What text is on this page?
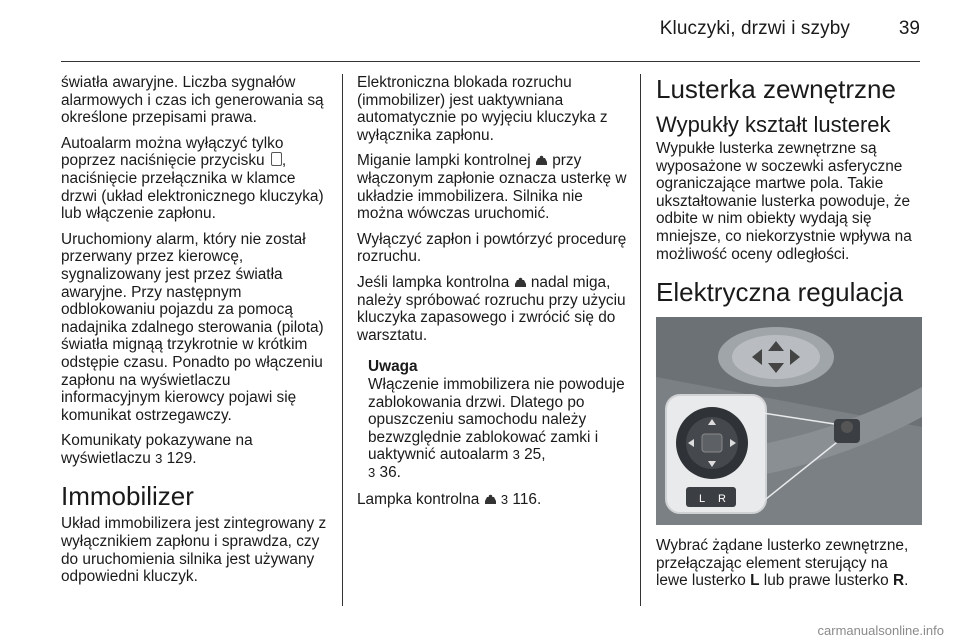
Kluczyki, drzwi i szyby	39

światła awaryjne. Liczba sygnałów alarmowych i czas ich generowania są określone przepisami prawa.

Autoalarm można wyłączyć tylko poprzez naciśnięcie przycisku , naciśnięcie przełącznika w klamce drzwi (układ elektronicznego kluczyka) lub włączenie zapłonu.

Uruchomiony alarm, który nie został przerwany przez kierowcę, sygnalizowany jest przez światła awaryjne. Przy następnym odblokowaniu pojazdu za pomocą nadajnika zdalnego sterowania (pilota) światła mignąą trzykrotnie w krótkim odstępie czasu. Ponadto po włączeniu zapłonu na wyświetlaczu informacyjnym kierowcy pojawi się komunikat ostrzegawczy.

Komunikaty pokazywane na wyświetlaczu 3 129.

Immobilizer

Układ immobilizera jest zintegrowany z wyłącznikiem zapłonu i sprawdza, czy do uruchomienia silnika jest używany odpowiedni kluczyk.

Elektroniczna blokada rozruchu (immobilizer) jest uaktywniana automatycznie po wyjęciu kluczyka z wyłącznika zapłonu.

Miganie lampki kontrolnej  przy włączonym zapłonie oznacza usterkę w układzie immobilizera. Silnika nie można wówczas uruchomić.

Wyłączyć zapłon i powtórzyć procedurę rozruchu.

Jeśli lampka kontrolna  nadal miga, należy spróbować rozruchu przy użyciu kluczyka zapasowego i zwrócić się do warsztatu.

Uwaga
Włączenie immobilizera nie powoduje zablokowania drzwi. Dlatego po opuszczeniu samochodu należy bezwzględnie zablokować zamki i uaktywnić autoalarm 3 25,
3 36.

Lampka kontrolna  3 116.

Lusterka zewnętrzne
Wypukły kształt lusterek

Wypukłe lusterka zewnętrzne są wyposażone w soczewki asferyczne ograniczające martwe pola. Takie ukształtowanie lusterka powoduje, że odbite w nim obiekty wydają się mniejsze, co niekorzystnie wpływa na możliwość oceny odległości.

Elektryczna regulacja
L R

Wybrać żądane lusterko zewnętrzne, przełączając element sterujący na lewe lusterko L lub prawe lusterko R.

carmanualsonline.info
